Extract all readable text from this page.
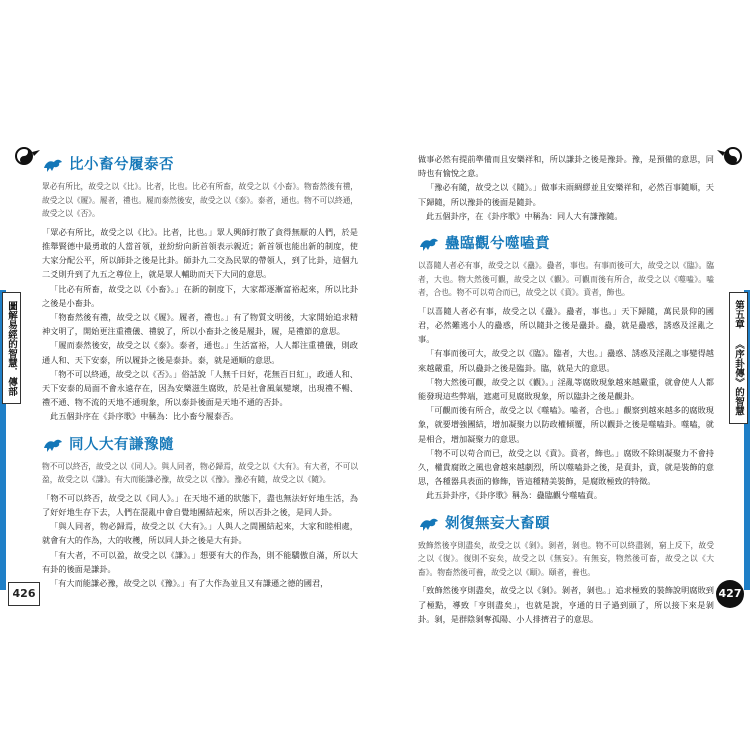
圖解易經的智慧．傳部
426
比小畜兮履泰否

眾必有所比，故受之以《比》。比者，比也。比必有所畜，故受之以《小畜》。物畜然後有禮，故受之以《履》。履者，禮也。履而泰然後安，故受之以《泰》。泰者，通也。物不可以終通，故受之以《否》。

「眾必有所比，故受之以《比》。比者，比也。」眾人興師打散了貪得無厭的人們，於是推舉賢德中最勇敢的人當首領，並紛紛向新首領表示親近；新首領也能出新的制度，使大家分配公平，所以師卦之後是比卦。師卦九二交為民眾的帶領人，到了比卦，這個九二爻則升到了九五之尊位上，就是眾人輔助而天下大同的意思。

「比必有所畜，故受之以《小畜》。」在新的制度下，大家都逐漸富裕起來，所以比卦之後是小畜卦。

「物畜然後有禮，故受之以《履》。履者，禮也。」有了物質文明後，大家開始追求精神文明了，開始更注重禮儀、禮貌了，所以小畜卦之後是履卦，履，是禮節的意思。

「履而泰然後安，故受之以《泰》。泰者，通也。」生活富裕，人人都注重禮儀，則政通人和、天下安泰，所以履卦之後是泰卦。泰，就是通順的意思。

「物不可以終通，故受之以《否》。」俗話說「人無千日好，花無百日紅」，政通人和、天下安泰的局面不會永遠存在，因為安樂滋生腐敗，於是社會風氣變壞，出現禮不暢、禮不通、物不流的天地不通現象，所以泰卦後面是天地不通的否卦。

此五個卦序在《卦序歌》中稱為：比小畜兮履泰否。

同人大有謙豫隨

物不可以終否，故受之以《同人》。與人同者，物必歸焉，故受之以《大有》。有大者，不可以盈，故受之以《謙》。有大而能謙必豫，故受之以《豫》。豫必有隨，故受之以《隨》。

「物不可以終否，故受之以《同人》。」在天地不通的狀態下，盡也無法好好地生活，為了好好地生存下去，人們在混亂中會自覺地團結起來，所以否卦之後，是同人卦。

「與人同者，物必歸焉，故受之以《大有》。」人與人之間團結起來，大家和睦相處，就會有大的作為，大的收穫，所以同人卦之後是大有卦。

「有大者，不可以盈，故受之以《謙》。」想要有大的作為，則不能驕傲自滿，所以大有卦的後面是謙卦。

「有大而能謙必豫，故受之以《豫》。」有了大作為並且又有謙遜之德的國君，

第五章 《序卦傳》的智慧
427

做事必然有提前準備而且安樂祥和，所以謙卦之後是豫卦。豫，是預備的意思，同時也有愉悅之意。

「豫必有隨，故受之以《隨》。」做事未雨綢繆並且安樂祥和，必然百事隨順，天下歸隨，所以豫卦的後面是隨卦。

此五個卦序，在《卦序歌》中稱為：同人大有謙豫隨。

蠱臨觀兮噬嗑賁

以喜隨人者必有事，故受之以《蠱》。蠱者，事也。有事而後可大，故受之以《臨》。臨者，大也。物大然後可觀，故受之以《觀》。可觀而後有所合，故受之以《噬嗑》。嗑者，合也。物不可以苟合而已，故受之以《賁》。賁者，飾也。

「以喜隨人者必有事，故受之以《蠱》。蠱者，事也。」天下歸隨，萬民景仰的國君，必然難逃小人的蠱惑，所以隨卦之後是蠱卦。蠱，就是蠱惑，誘惑及淫亂之事。

「有事而後可大，故受之以《臨》。臨者，大也。」蠱惑、誘惑及淫亂之事變得越來越嚴重，所以蠱卦之後是臨卦。臨，就是大的意思。

「物大然後可觀，故受之以《觀》。」淫亂等腐敗現象越來越嚴重，就會使人人都能發現這些弊端，遮處可見腐敗現象，所以臨卦之後是觀卦。

「可觀而後有所合，故受之以《噬嗑》。嗑者，合也。」觀察到越來越多的腐敗現象，就要增強團結，增加凝聚力以防政權傾覆，所以觀卦之後是噬嗑卦。噬嗑，就是相合，增加凝聚力的意思。

「物不可以苟合而已，故受之以《賁》。賁者，飾也。」腐敗不除則凝聚力不會持久，權貴腐敗之風也會越來越劇烈，所以噬嗑卦之後，是賁卦，賁，就是裝飾的意思，各種器具表面的修飾，皆這種精美裝飾，是腐敗極致的特徵。

此五卦卦序，《卦序歌》稱為：蠱臨觀兮噬嗑賁。

剝復無妄大畜頤

致飾然後亨則盡矣，故受之以《剝》。剝者，剝也。物不可以終盡剝，窮上反下，故受之以《復》。復則不妄矣，故受之以《無妄》。有無妄，物然後可畜，故受之以《大畜》。物畜然後可養，故受之以《頤》。頤者，養也。

「致飾然後亨則盡矣，故受之以《剝》。剝者，剝也。」追求極致的裝飾說明腐敗到了極點，導致「亨則盡矣」，也就是說，亨通的日子過到頭了，所以接下來是剝卦。剝，是群陰剝奪孤陽、小人排擠君子的意思。
